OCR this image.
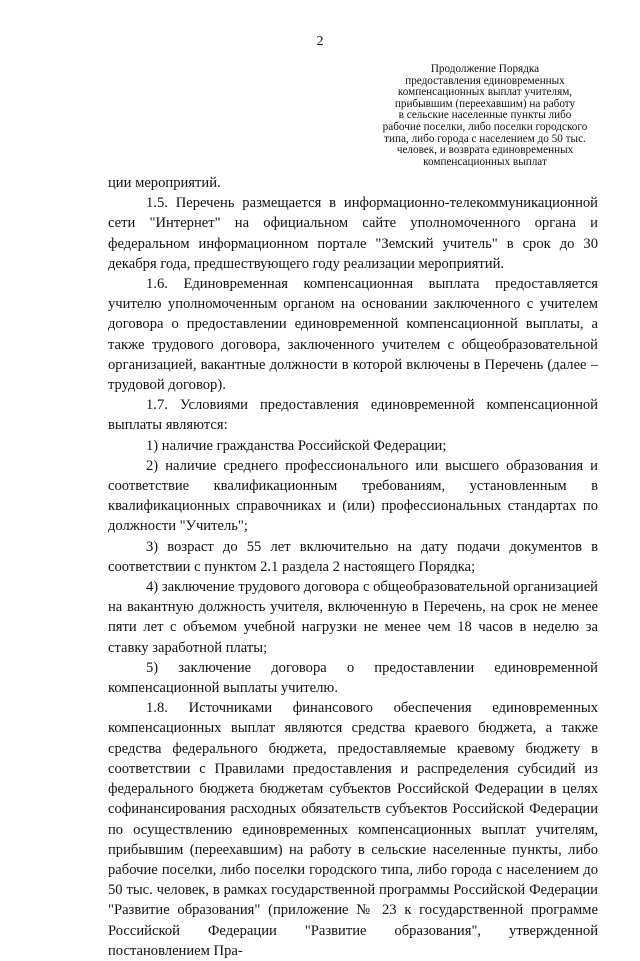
2
Продолжение Порядка
предоставления единовременных
компенсационных выплат учителям,
прибывшим (переехавшим) на работу
в сельские населенные пункты либо
рабочие поселки, либо поселки городского
типа, либо города с населением до 50 тыс.
человек, и возврата единовременных
компенсационных выплат

ции мероприятий.

1.5. Перечень размещается в информационно-телекоммуникационной сети "Интернет" на официальном сайте уполномоченного органа и федеральном информационном портале "Земский учитель" в срок до 30 декабря года, предшествующего году реализации мероприятий.

1.6. Единовременная компенсационная выплата предоставляется учителю уполномоченным органом на основании заключенного с учителем договора о предоставлении единовременной компенсационной выплаты, а также трудового договора, заключенного учителем с общеобразовательной организацией, вакантные должности в которой включены в Перечень (далее – трудовой договор).

1.7. Условиями предоставления единовременной компенсационной выплаты являются:

1) наличие гражданства Российской Федерации;

2) наличие среднего профессионального или высшего образования и соответствие квалификационным требованиям, установленным в квалификационных справочниках и (или) профессиональных стандартах по должности "Учитель";

3) возраст до 55 лет включительно на дату подачи документов в соответствии с пунктом 2.1 раздела 2 настоящего Порядка;

4) заключение трудового договора с общеобразовательной организацией на вакантную должность учителя, включенную в Перечень, на срок не менее пяти лет с объемом учебной нагрузки не менее чем 18 часов в неделю за ставку заработной платы;

5) заключение договора о предоставлении единовременной компенсационной выплаты учителю.

1.8. Источниками финансового обеспечения единовременных компенсационных выплат являются средства краевого бюджета, а также средства федерального бюджета, предоставляемые краевому бюджету в соответствии с Правилами предоставления и распределения субсидий из федерального бюджета бюджетам субъектов Российской Федерации в целях софинансирования расходных обязательств субъектов Российской Федерации по осуществлению единовременных компенсационных выплат учителям, прибывшим (переехавшим) на работу в сельские населенные пункты, либо рабочие поселки, либо поселки городского типа, либо города с населением до 50 тыс. человек, в рамках государственной программы Российской Федерации "Развитие образования" (приложение № 23 к государственной программе Российской Федерации "Развитие образования", утвержденной постановлением Пра-
